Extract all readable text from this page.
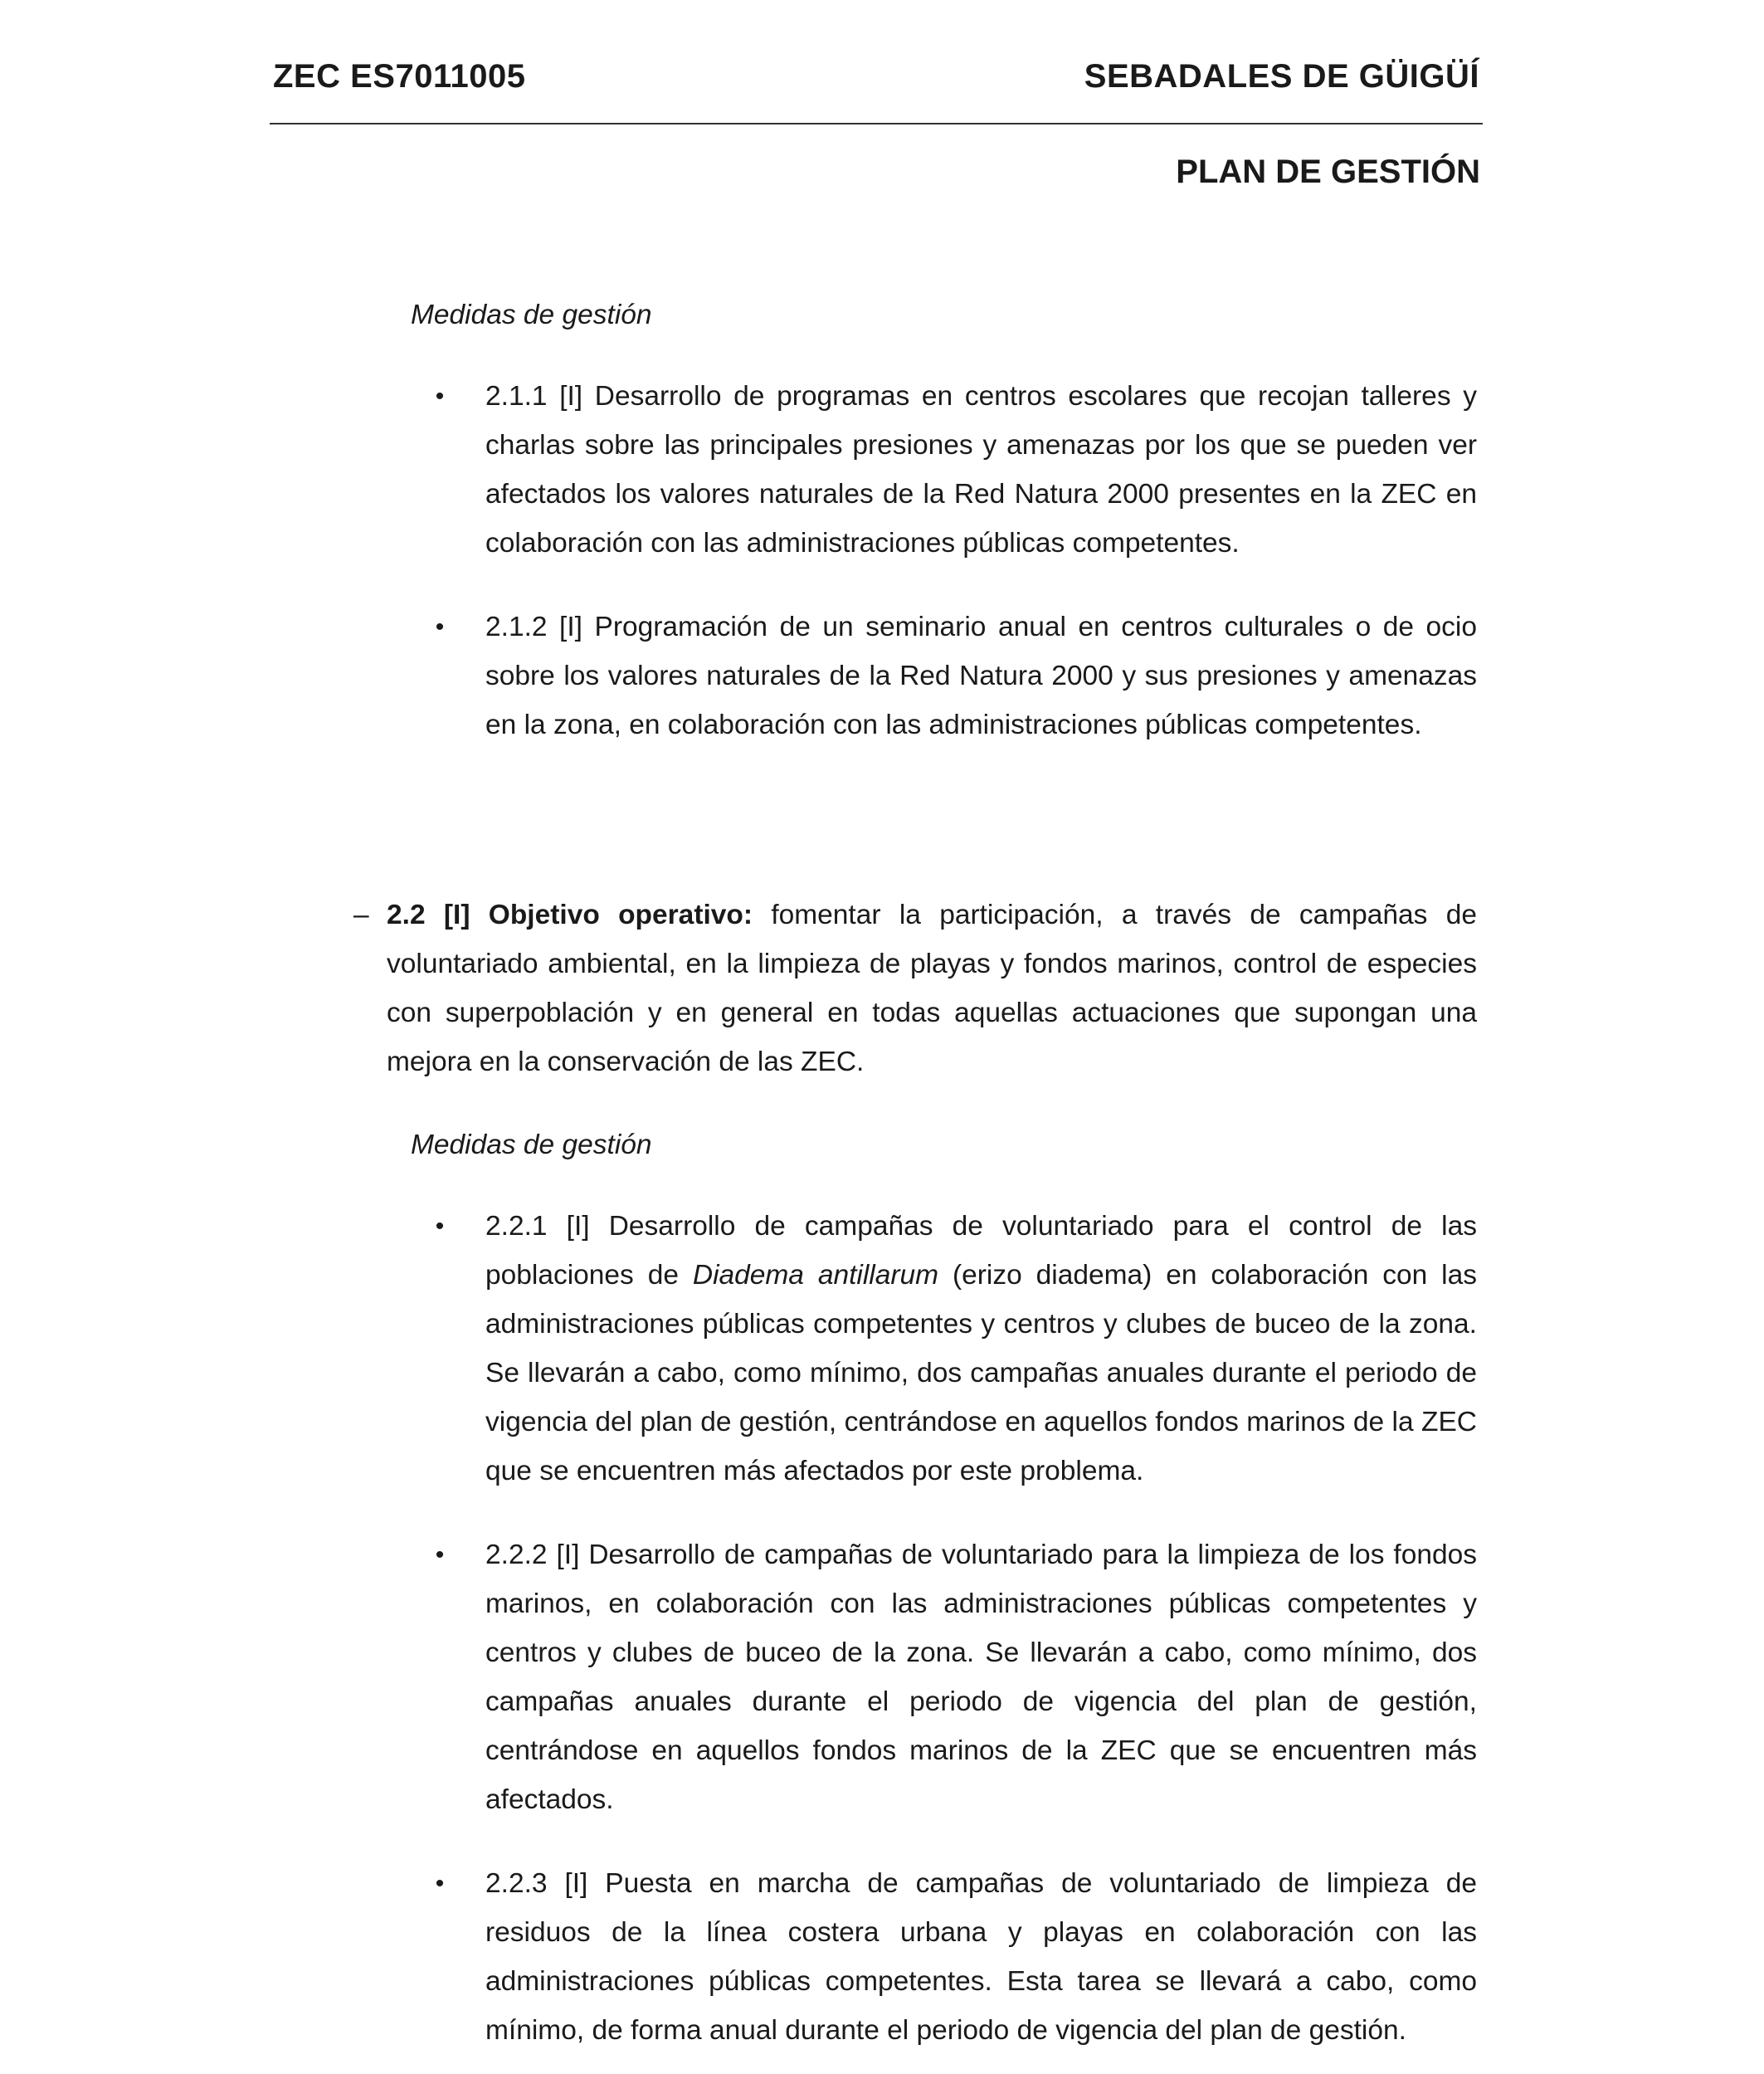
ZEC ES7011005	SEBADALES DE GÜIGÜÍ
PLAN DE GESTIÓN
Medidas de gestión
• 2.1.1 [I] Desarrollo de programas en centros escolares que recojan talleres y charlas sobre las principales presiones y amenazas por los que se pueden ver afectados los valores naturales de la Red Natura 2000 presentes en la ZEC en colaboración con las administraciones públicas competentes.
• 2.1.2 [I] Programación de un seminario anual en centros culturales o de ocio sobre los valores naturales de la Red Natura 2000 y sus presiones y amenazas en la zona, en colaboración con las administraciones públicas competentes.
– 2.2 [I] Objetivo operativo: fomentar la participación, a través de campañas de voluntariado ambiental, en la limpieza de playas y fondos marinos, control de especies con superpoblación y en general en todas aquellas actuaciones que supongan una mejora en la conservación de las ZEC.
Medidas de gestión
• 2.2.1 [I] Desarrollo de campañas de voluntariado para el control de las poblaciones de Diadema antillarum (erizo diadema) en colaboración con las administraciones públicas competentes y centros y clubes de buceo de la zona. Se llevarán a cabo, como mínimo, dos campañas anuales durante el periodo de vigencia del plan de gestión, centrándose en aquellos fondos marinos de la ZEC que se encuentren más afectados por este problema.
• 2.2.2 [I] Desarrollo de campañas de voluntariado para la limpieza de los fondos marinos, en colaboración con las administraciones públicas competentes y centros y clubes de buceo de la zona. Se llevarán a cabo, como mínimo, dos campañas anuales durante el periodo de vigencia del plan de gestión, centrándose en aquellos fondos marinos de la ZEC que se encuentren más afectados.
• 2.2.3 [I] Puesta en marcha de campañas de voluntariado de limpieza de residuos de la línea costera urbana y playas en colaboración con las administraciones públicas competentes. Esta tarea se llevará a cabo, como mínimo, de forma anual durante el periodo de vigencia del plan de gestión.
